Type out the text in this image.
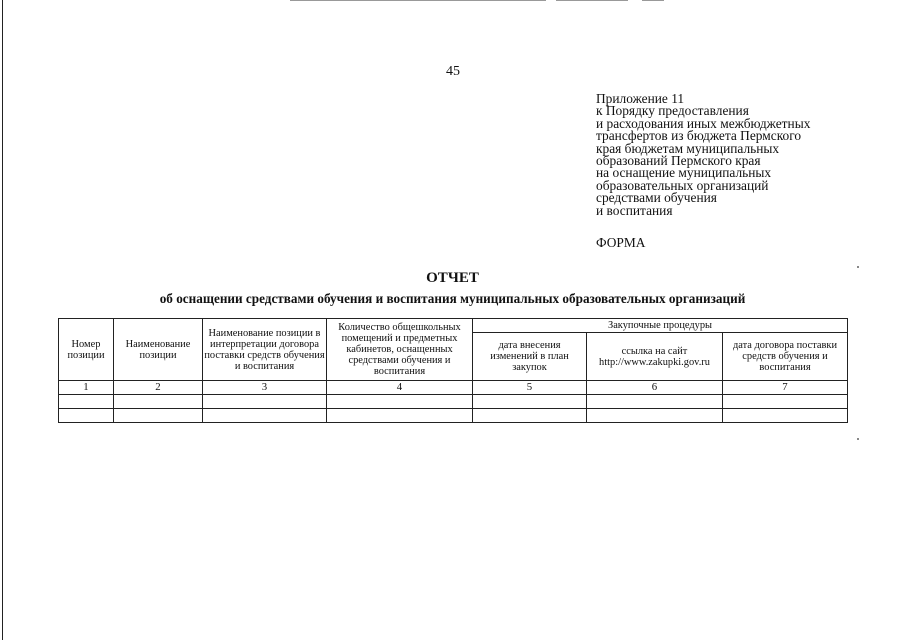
45
Приложение 11
к Порядку предоставления
и расходования иных межбюджетных
трансфертов из бюджета Пермского
края бюджетам муниципальных
образований Пермского края
на оснащение муниципальных
образовательных организаций
средствами обучения
и воспитания
ФОРМА
ОТЧЕТ
об оснащении средствами обучения и воспитания муниципальных образовательных организаций
Номер позиции	Наименование позиции	Наименование позиции в интерпретации договора поставки средств обучения и воспитания	Количество общешкольных помещений и предметных кабинетов, оснащенных средствами обучения и воспитания	Закупочные процедуры		
				дата внесения изменений в план закупок	ссылка на сайт http://www.zakupki.gov.ru	дата договора поставки средств обучения и воспитания
1	2	3	4	5	6	7
